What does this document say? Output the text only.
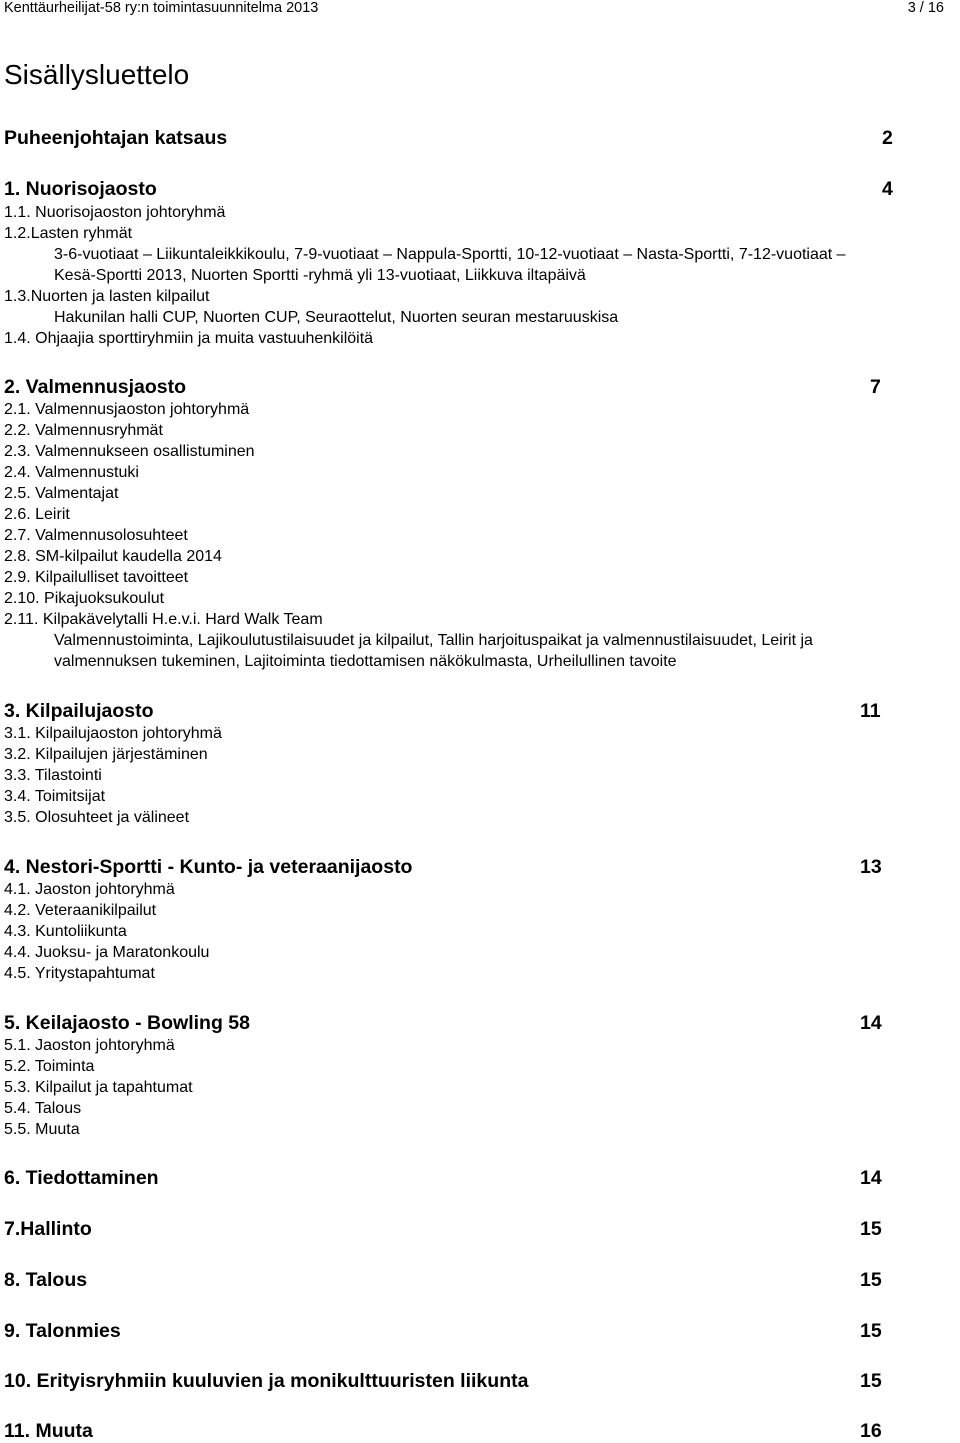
Kenttäurheilijat-58 ry:n toimintasuunnitelma 2013	3 / 16
Sisällysluettelo
Puheenjohtajan katsaus	2
1. Nuorisojaosto	4
1.1. Nuorisojaoston johtoryhmä
1.2.Lasten ryhmät
3-6-vuotiaat – Liikuntaleikkikoulu, 7-9-vuotiaat – Nappula-Sportti, 10-12-vuotiaat – Nasta-Sportti, 7-12-vuotiaat –
Kesä-Sportti 2013, Nuorten Sportti -ryhmä yli 13-vuotiaat, Liikkuva iltapäivä
1.3.Nuorten ja lasten kilpailut
Hakunilan halli CUP, Nuorten CUP, Seuraottelut, Nuorten seuran mestaruuskisa
1.4. Ohjaajia sporttiryhmiin ja muita vastuuhenkilöitä
2. Valmennusjaosto	7
2.1. Valmennusjaoston johtoryhmä
2.2. Valmennusryhmät
2.3. Valmennukseen osallistuminen
2.4. Valmennustuki
2.5. Valmentajat
2.6. Leirit
2.7. Valmennusolosuhteet
2.8. SM-kilpailut kaudella 2014
2.9. Kilpailulliset tavoitteet
2.10. Pikajuoksukoulut
2.11. Kilpakävelytalli H.e.v.i. Hard Walk Team
Valmennustoiminta, Lajikoulutustilaisuudet ja kilpailut, Tallin harjoituspaikat ja valmennustilaisuudet, Leirit ja
valmennuksen tukeminen, Lajitoiminta tiedottamisen näkökulmasta, Urheilullinen tavoite
3. Kilpailujaosto	11
3.1. Kilpailujaoston johtoryhmä
3.2. Kilpailujen järjestäminen
3.3. Tilastointi
3.4. Toimitsijat
3.5. Olosuhteet ja välineet
4. Nestori-Sportti - Kunto- ja veteraanijaosto	13
4.1. Jaoston johtoryhmä
4.2. Veteraanikilpailut
4.3. Kuntoliikunta
4.4. Juoksu- ja Maratonkoulu
4.5. Yritystapahtumat
5. Keilajaosto - Bowling 58	14
5.1. Jaoston johtoryhmä
5.2. Toiminta
5.3. Kilpailut ja tapahtumat
5.4. Talous
5.5. Muuta
6. Tiedottaminen	14
7.Hallinto	15
8. Talous	15
9. Talonmies	15
10. Erityisryhmiin kuuluvien ja monikulttuuristen liikunta	15
11. Muuta	16
